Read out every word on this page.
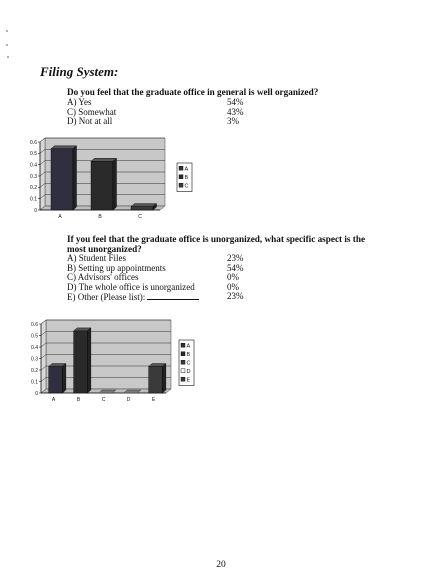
Filing System:
Do you feel that the graduate office in general is well organized?
A) Yes	54%
C) Somewhat	43%
D) Not at all	3%
0
0.1
0.2
0.3
0.4
0.5
0.6
A	B	C
A
B
C
If you feel that the graduate office is unorganized, what specific aspect is the most unorganized?
A) Student Files	23%
B) Setting up appointments	54%
C) Advisors' offices	0%
D) The whole office is unorganized	0%
E) Other (Please list):	23%
0
0.1
0.2
0.3
0.4
0.5
0.6
A	B	C	D	E
A
B
C
D
E
20
